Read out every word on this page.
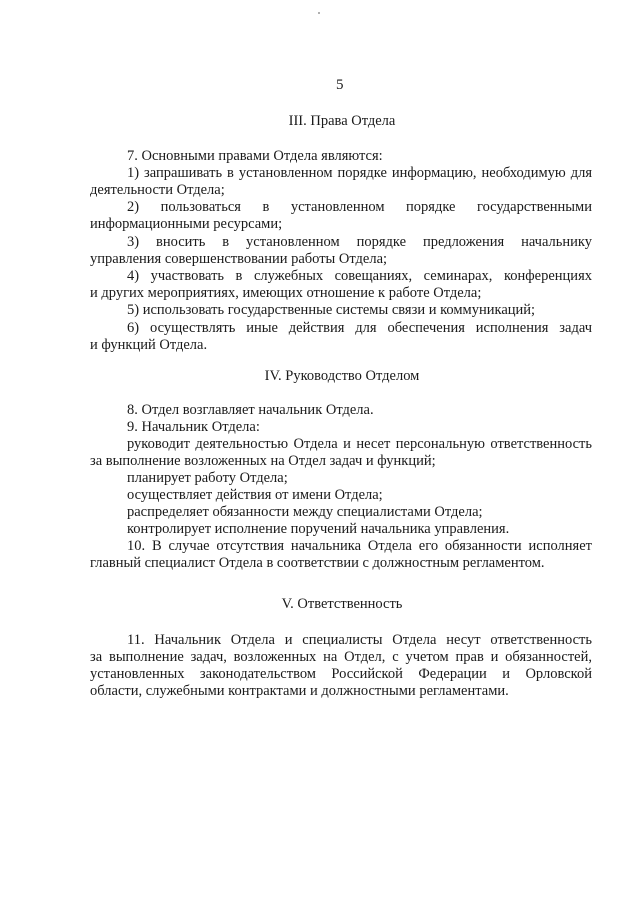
5
III. Права Отдела
7. Основными правами Отдела являются:
1) запрашивать в установленном порядке информацию, необходимую для
деятельности Отдела;
2) пользоваться в установленном порядке государственными
информационными ресурсами;
3) вносить в установленном порядке предложения начальнику
управления совершенствовании работы Отдела;
4) участвовать в служебных совещаниях, семинарах, конференциях
и других мероприятиях, имеющих отношение к работе Отдела;
5) использовать государственные системы связи и коммуникаций;
6) осуществлять иные действия для обеспечения исполнения задач
и функций Отдела.
IV. Руководство Отделом
8. Отдел возглавляет начальник Отдела.
9. Начальник Отдела:
руководит деятельностью Отдела и несет персональную ответственность
за выполнение возложенных на Отдел задач и функций;
планирует работу Отдела;
осуществляет действия от имени Отдела;
распределяет обязанности между специалистами Отдела;
контролирует исполнение поручений начальника управления.
10. В случае отсутствия начальника Отдела его обязанности исполняет
главный специалист Отдела в соответствии с должностным регламентом.
V. Ответственность
11. Начальник Отдела и специалисты Отдела несут ответственность
за выполнение задач, возложенных на Отдел, с учетом прав и обязанностей,
установленных законодательством Российской Федерации и Орловской
области, служебными контрактами и должностными регламентами.
